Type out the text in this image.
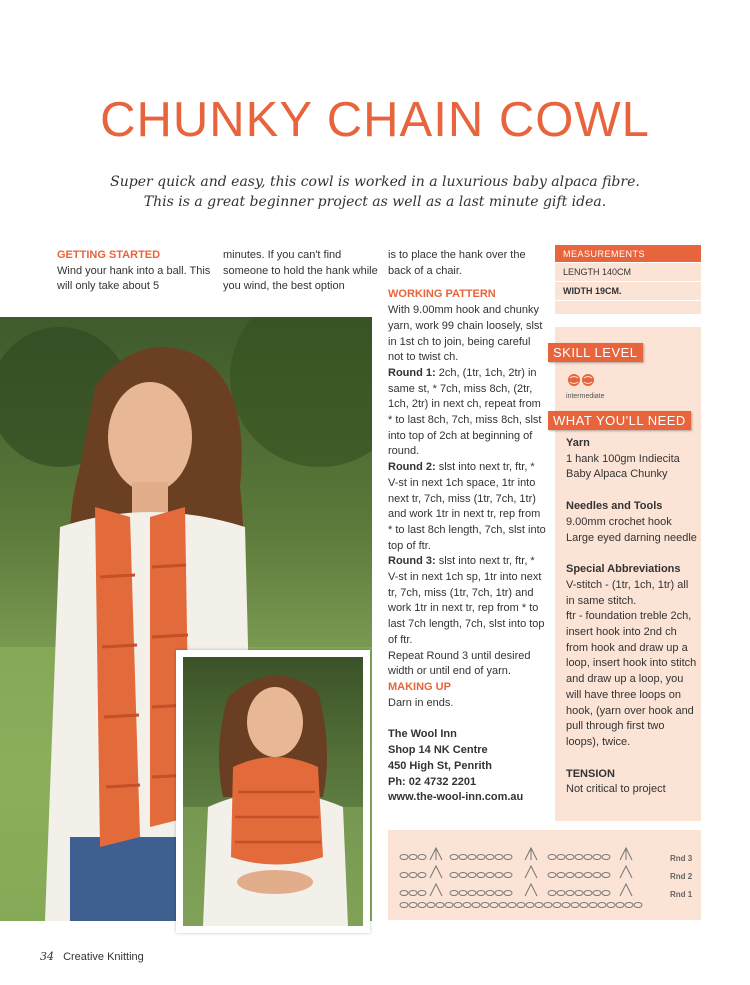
CHUNKY CHAIN COWL
Super quick and easy, this cowl is worked in a luxurious baby alpaca fibre.
This is a great beginner project as well as a last minute gift idea.
GETTING STARTED
Wind your hank into a ball. This will only take about 5
minutes. If you can't find someone to hold the hank while you wind, the best option

is to place the hank over the back of a chair.

WORKING PATTERN

With 9.00mm hook and chunky yarn, work 99 chain loosely, slst in 1st ch to join, being careful not to twist ch.

Round 1: 2ch, (1tr, 1ch, 2tr) in same st, * 7ch, miss 8ch, (2tr, 1ch, 2tr) in next ch, repeat from * to last 8ch, 7ch, miss 8ch, slst into top of 2ch at beginning of round.

Round 2: slst into next tr, ftr, * V-st in next 1ch space, 1tr into next tr, 7ch, miss (1tr, 7ch, 1tr) and work 1tr in next tr, rep from * to last 8ch length, 7ch, slst into top of ftr.

Round 3: slst into next tr, ftr, * V-st in next 1ch sp, 1tr into next tr, 7ch, miss (1tr, 7ch, 1tr) and work 1tr in next tr, rep from * to last 7ch length, 7ch, slst into top of ftr.

Repeat Round 3 until desired width or until end of yarn.

MAKING UP

Darn in ends.

The Wool Inn
Shop 14 NK Centre
450 High St, Penrith
Ph: 02 4732 2201
www.the-wool-inn.com.au
MEASUREMENTS
LENGTH 140CM
WIDTH 19CM.
SKILL LEVEL
intermediate
WHAT YOU'LL NEED
Yarn
1 hank 100gm Indiecita Baby Alpaca Chunky
Needles and Tools
9.00mm crochet hook
Large eyed darning needle
Special Abbreviations
V-stitch - (1tr, 1ch, 1tr) all in same stitch.
ftr - foundation treble 2ch, insert hook into 2nd ch from hook and draw up a loop, insert hook into stitch and draw up a loop, you will have three loops on hook, (yarn over hook and pull through first two loops), twice.
TENSION
Not critical to project
Rnd 3
Rnd 2
Rnd 1
34 Creative Knitting
